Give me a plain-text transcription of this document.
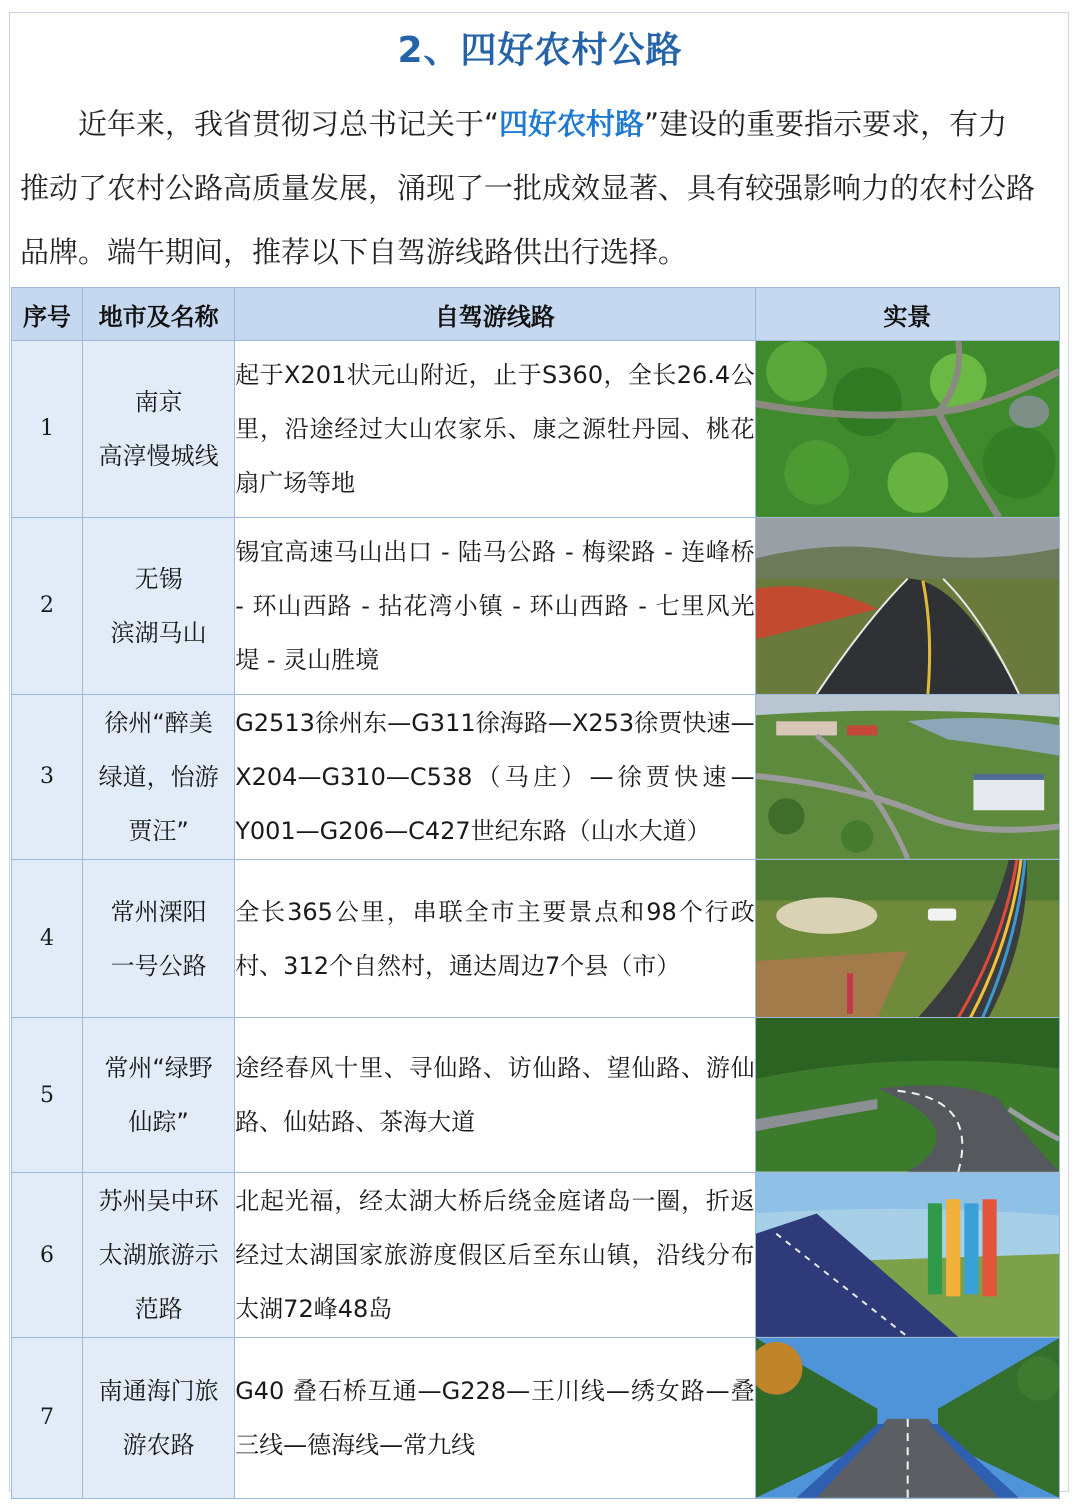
2、四好农村公路
近年来，我省贯彻习总书记关于“四好农村路”建设的重要指示要求，有力
推动了农村公路高质量发展，涌现了一批成效显著、具有较强影响力的农村公路
品牌。端午期间，推荐以下自驾游线路供出行选择。
序号	地市及名称	自驾游线路	实景
1	南京
高淳慢城线	起于X201状元山附近，止于S360，全长26.4公里，沿途经过大山农家乐、康之源牡丹园、桃花扇广场等地	

2	无锡
滨湖马山	锡宜高速马山出口 - 陆马公路 - 梅梁路 - 连峰桥 - 环山西路 - 拈花湾小镇 - 环山西路 - 七里风光堤 - 灵山胜境	

3	徐州“醉美
绿道，怡游
贾汪”	G2513徐州东—G311徐海路—X253徐贾快速—X204—G310—C538（马庄）—徐贾快速—Y001—G206—C427世纪东路（山水大道）	

4	常州溧阳
一号公路	全长365公里，串联全市主要景点和98个行政村、312个自然村，通达周边7个县（市）	

5	常州“绿野
仙踪”	途经春风十里、寻仙路、访仙路、望仙路、游仙路、仙姑路、茶海大道	

6	苏州吴中环
太湖旅游示
范路	北起光福，经太湖大桥后绕金庭诸岛一圈，折返经过太湖国家旅游度假区后至东山镇，沿线分布太湖72峰48岛	

7	南通海门旅
游农路	G40 叠石桥互通—G228—王川线—绣女路—叠三线—德海线—常九线	
